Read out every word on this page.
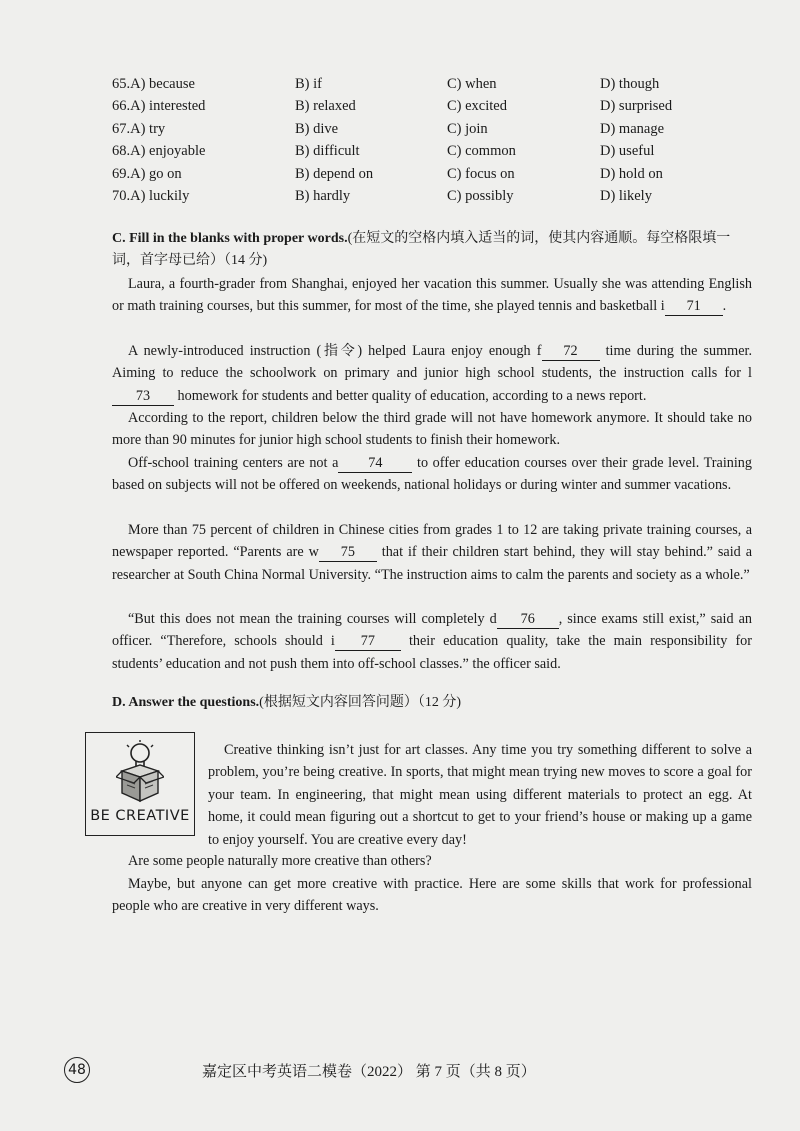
65.A) because	B) if	C) when	D) though
66.A) interested	B) relaxed	C) excited	D) surprised
67.A) try	B) dive	C) join	D) manage
68.A) enjoyable	B) difficult	C) common	D) useful
69.A) go on	B) depend on	C) focus on	D) hold on
70.A) luckily	B) hardly	C) possibly	D) likely
C. Fill in the blanks with proper words.(在短文的空格内填入适当的词，使其内容通顺。每空格限填一词，首字母已给）（14 分)
Laura, a fourth-grader from Shanghai, enjoyed her vacation this summer. Usually she was attending English or math training courses, but this summer, for most of the time, she played tennis and basketball i 71 .
A newly-introduced instruction (指令) helped Laura enjoy enough f 72 time during the summer. Aiming to reduce the schoolwork on primary and junior high school students, the instruction calls for l73 homework for students and better quality of education, according to a news report.
According to the report, children below the third grade will not have homework anymore. It should take no more than 90 minutes for junior high school students to finish their homework.
Off-school training centers are not a 74 to offer education courses over their grade level. Training based on subjects will not be offered on weekends, national holidays or during winter and summer vacations.
More than 75 percent of children in Chinese cities from grades 1 to 12 are taking private training courses, a newspaper reported. “Parents are w 75 that if their children start behind, they will stay behind.” said a researcher at South China Normal University. “The instruction aims to calm the parents and society as a whole.”
“But this does not mean the training courses will completely d 76 , since exams still exist,” said an officer. “Therefore, schools should i 77 their education quality, take the main responsibility for students’ education and not push them into off-school classes.” the officer said.
D. Answer the questions.(根据短文内容回答问题）（12 分)
BE CREATIVE
Creative thinking isn’t just for art classes. Any time you try something different to solve a problem, you’re being creative. In sports, that might mean trying new moves to score a goal for your team. In engineering, that might mean using different materials to protect an egg. At home, it could mean figuring out a shortcut to get to your friend’s house or making up a game to enjoy yourself. You are creative every day!
Are some people naturally more creative than others?
Maybe, but anyone can get more creative with practice. Here are some skills that work for professional people who are creative in very different ways.
48	嘉定区中考英语二模卷（2022） 第 7 页（共 8 页）
